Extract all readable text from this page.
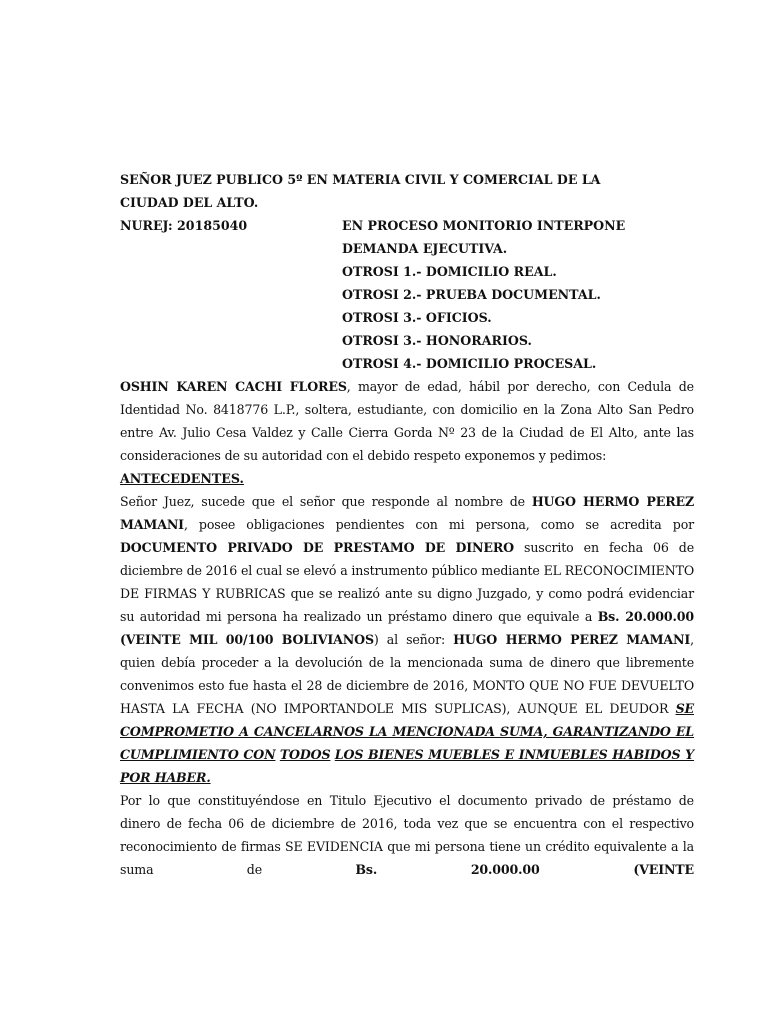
SEÑOR JUEZ PUBLICO 5º EN MATERIA CIVIL Y COMERCIAL DE LA
CIUDAD DEL ALTO.
NUREJ: 20185040	EN PROCESO MONITORIO INTERPONE
DEMANDA EJECUTIVA.
OTROSI 1.- DOMICILIO REAL.
OTROSI 2.- PRUEBA DOCUMENTAL.
OTROSI 3.- OFICIOS.
OTROSI 3.- HONORARIOS.
OTROSI 4.- DOMICILIO PROCESAL.
OSHIN KAREN CACHI FLORES, mayor de edad, hábil por derecho, con Cedula de Identidad No. 8418776 L.P., soltera, estudiante, con domicilio en la Zona Alto San Pedro entre Av. Julio Cesa Valdez y Calle Cierra Gorda Nº 23 de la Ciudad de El Alto, ante las consideraciones de su autoridad con el debido respeto exponemos y pedimos:
ANTECEDENTES.
Señor Juez, sucede que el señor que responde al nombre de HUGO HERMO PEREZ MAMANI, posee obligaciones pendientes con mi persona, como se acredita por DOCUMENTO PRIVADO DE PRESTAMO DE DINERO suscrito en fecha 06 de diciembre de 2016 el cual se elevó a instrumento público mediante EL RECONOCIMIENTO DE FIRMAS Y RUBRICAS que se realizó ante su digno Juzgado, y como podrá evidenciar su autoridad mi persona ha realizado un préstamo dinero que equivale a Bs. 20.000.00 (VEINTE MIL 00/100 BOLIVIANOS) al señor: HUGO HERMO PEREZ MAMANI, quien debía proceder a la devolución de la mencionada suma de dinero que libremente convenimos esto fue hasta el 28 de diciembre de 2016, MONTO QUE NO FUE DEVUELTO HASTA LA FECHA (NO IMPORTANDOLE MIS SUPLICAS), AUNQUE EL DEUDOR SE COMPROMETIO A CANCELARNOS LA MENCIONADA SUMA, GARANTIZANDO EL CUMPLIMIENTO CON TODOS LOS BIENES MUEBLES E INMUEBLES HABIDOS Y POR HABER.
Por lo que constituyéndose en Titulo Ejecutivo el documento privado de préstamo de dinero de fecha 06 de diciembre de 2016, toda vez que se encuentra con el respectivo reconocimiento de firmas SE EVIDENCIA que mi persona tiene un crédito equivalente a la suma de Bs. 20.000.00 (VEINTE
